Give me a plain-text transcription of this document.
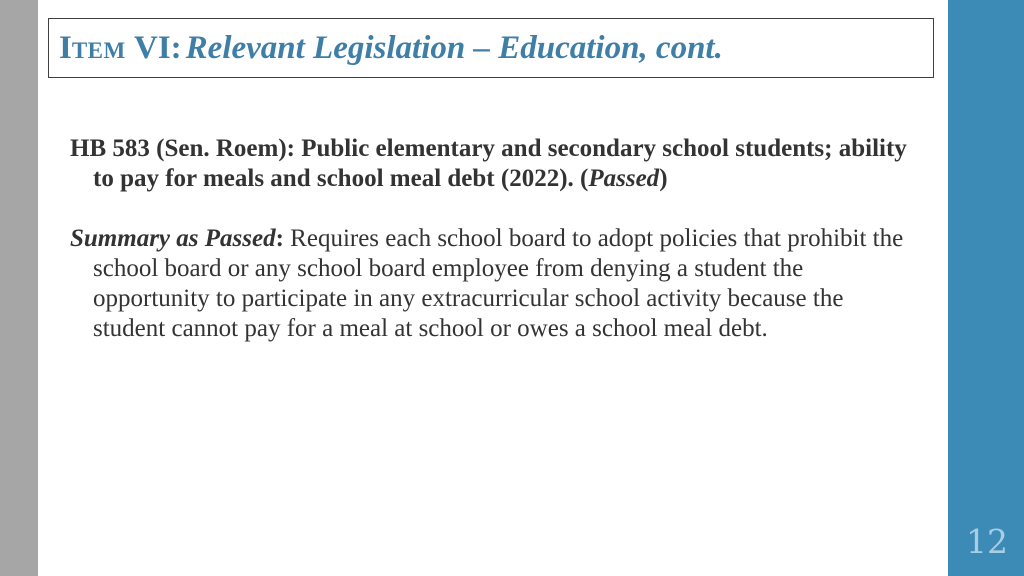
ITEM VI:
Relevant Legislation – Education, cont.

HB 583 (Sen. Roem): Public elementary and secondary school students; ability to pay for meals and school meal debt (2022). (Passed)

Summary as Passed: Requires each school board to adopt policies that prohibit the school board or any school board employee from denying a student the opportunity to participate in any extracurricular school activity because the student cannot pay for a meal at school or owes a school meal debt.

12
